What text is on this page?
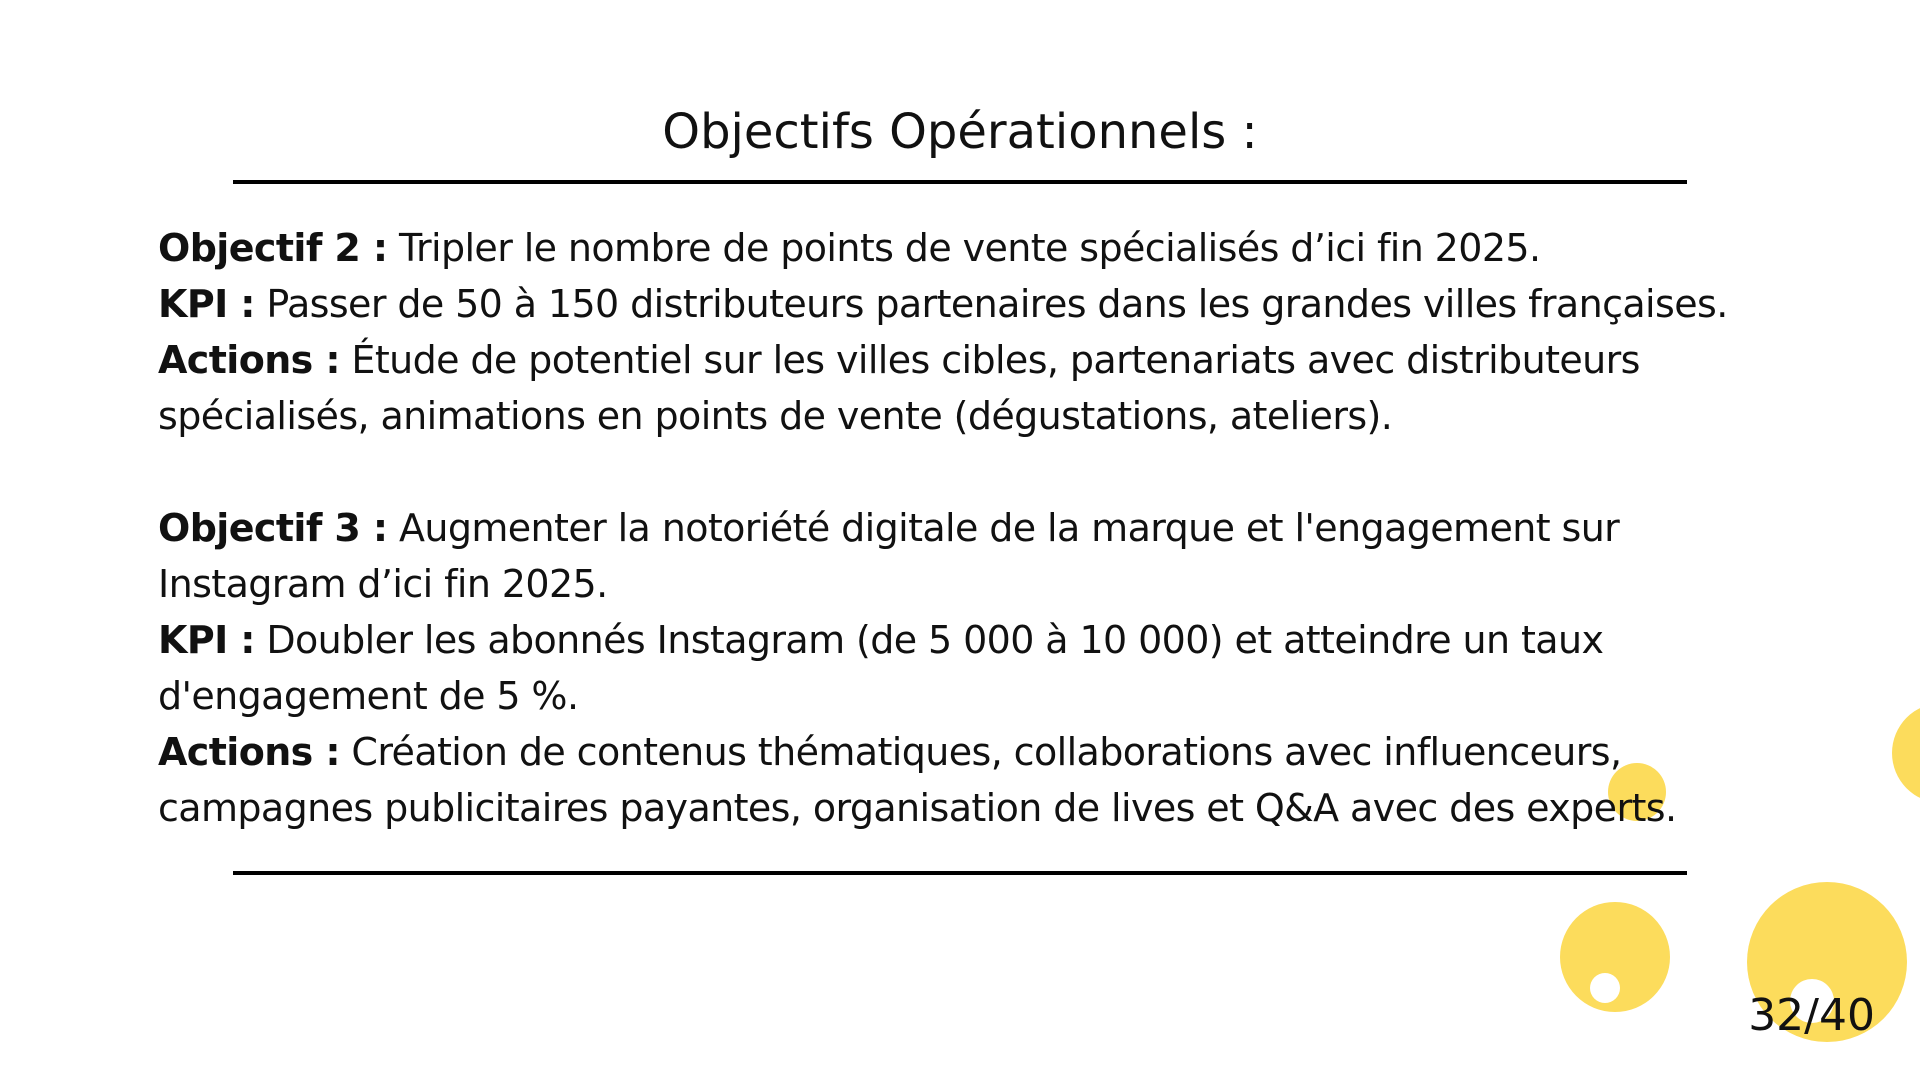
Objectifs Opérationnels :

Objectif 2 : Tripler le nombre de points de vente spécialisés d’ici fin 2025.

KPI : Passer de 50 à 150 distributeurs partenaires dans les grandes villes françaises.

Actions : Étude de potentiel sur les villes cibles, partenariats avec distributeurs spécialisés, animations en points de vente (dégustations, ateliers).

Objectif 3 : Augmenter la notoriété digitale de la marque et l'engagement sur Instagram d’ici fin 2025.

KPI : Doubler les abonnés Instagram (de 5 000 à 10 000) et atteindre un taux d'engagement de 5 %.

Actions : Création de contenus thématiques, collaborations avec influenceurs, campagnes publicitaires payantes, organisation de lives et Q&A avec des experts.

32/40
